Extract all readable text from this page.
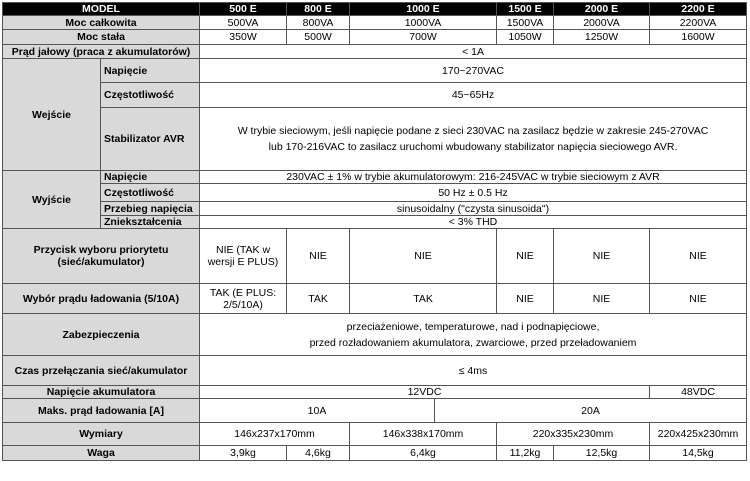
MODEL		500 E	800 E	1000 E		1500 E	2000 E	2200 E	
Moc całkowita		500VA	800VA	1000VA		1500VA	2000VA	2200VA	
Moc stała		350W	500W	700W		1050W	1250W	1600W	
Prąd jałowy (praca z akumulatorów)		< 1A							
Wejście	Napięcie	170~270VAC							
	Częstotliwość	45~65Hz							
	Stabilizator AVR	W trybie sieciowym, jeśli napięcie podane z sieci 230VAC na zasilacz będzie w zakresie 245-270VAC
lub 170-216VAC to zasilacz uruchomi wbudowany stabilizator napięcia sieciowego AVR.							

Wyjście	Napięcie	230VAC ± 1% w trybie akumulatorowym: 216-245VAC w trybie sieciowym z AVR							
	Częstotliwość	50 Hz ± 0.5 Hz							
	Przebieg napięcia	sinusoidalny ("czysta sinusoida")							
	Zniekształcenia	< 3% THD							
Przycisk wyboru priorytetu (sieć/akumulator)		NIE (TAK w wersji E PLUS)	NIE	NIE		NIE	NIE	NIE	
Wybór prądu ładowania (5/10A)		TAK (E PLUS: 2/5/10A)	TAK	TAK		NIE	NIE	NIE	
Zabezpieczenia		przeciażeniowe, temperaturowe, nad i podnapięciowe,
przed rozładowaniem akumulatora, zwarciowe, przed przeładowaniem							

Czas przełączania sieć/akumulator		≤ 4ms							
Napięcie akumulatora		12VDC						48VDC	
Maks. prąd ładowania [A]		10A			20A	
Wymiary		146x237x170mm		146x338x170mm		220x335x230mm		220x425x230mm	
Waga		3,9kg	4,6kg	6,4kg		11,2kg	12,5kg	14,5kg	
